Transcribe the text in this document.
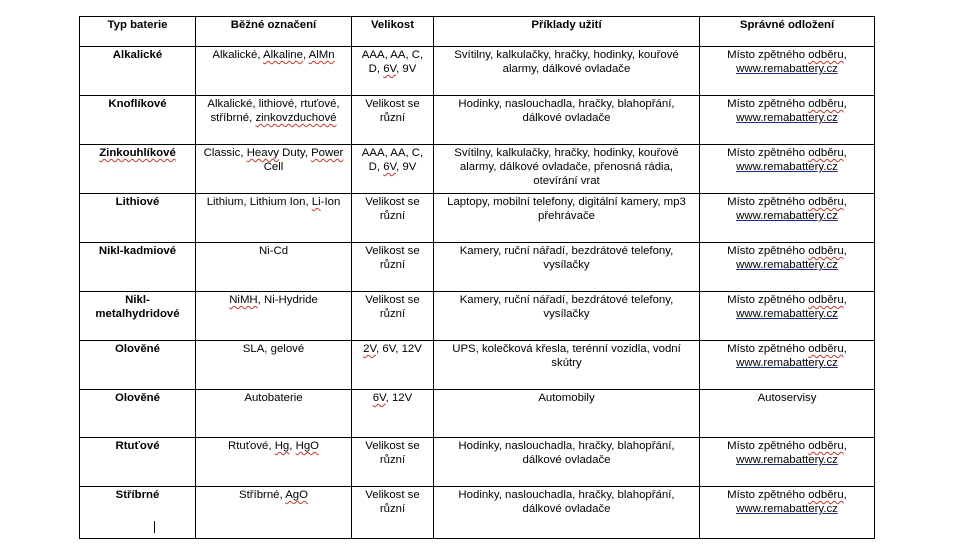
Typ baterie	Běžné označení	Velikost	Příklady užití	Správné odložení
Alkalické	Alkalické, Alkaline, AlMn	AAA, AA, C, D, 6V, 9V	Svítilny, kalkulačky, hračky, hodinky, kouřové alarmy, dálkové ovladače	Místo zpětného odběru, www.remabattery.cz
Knoflíkové	Alkalické, lithiové, rtuťové, stříbrné, zinkovzduchové	Velikost se různí	Hodinky, naslouchadla, hračky, blahopřání, dálkové ovladače	Místo zpětného odběru, www.remabattery.cz
Zinkouhlíkové	Classic, Heavy Duty, Power Cell	AAA, AA, C, D, 6V, 9V	Svítilny, kalkulačky, hračky, hodinky, kouřové alarmy, dálkové ovladače, přenosná rádia, otevírání vrat	Místo zpětného odběru, www.remabattery.cz
Lithiové	Lithium, Lithium Ion, Li-Ion	Velikost se různí	Laptopy, mobilní telefony, digitální kamery, mp3 přehrávače	Místo zpětného odběru, www.remabattery.cz
Nikl-kadmiové	Ni-Cd	Velikost se různí	Kamery, ruční nářadí, bezdrátové telefony, vysílačky	Místo zpětného odběru, www.remabattery.cz
Nikl-metalhydridové	NiMH, Ni-Hydride	Velikost se různí	Kamery, ruční nářadí, bezdrátové telefony, vysílačky	Místo zpětného odběru, www.remabattery.cz
Olověné	SLA, gelové	2V, 6V, 12V	UPS, kolečková křesla, terénní vozidla, vodní skútry	Místo zpětného odběru, www.remabattery.cz
Olověné	Autobaterie	6V, 12V	Automobily	Autoservisy
Rtuťové	Rtuťové, Hg, HgO	Velikost se různí	Hodinky, naslouchadla, hračky, blahopřání, dálkové ovladače	Místo zpětného odběru, www.remabattery.cz
Stříbrné	Stříbrné, AgO	Velikost se různí	Hodinky, naslouchadla, hračky, blahopřání, dálkové ovladače	Místo zpětného odběru, www.remabattery.cz
